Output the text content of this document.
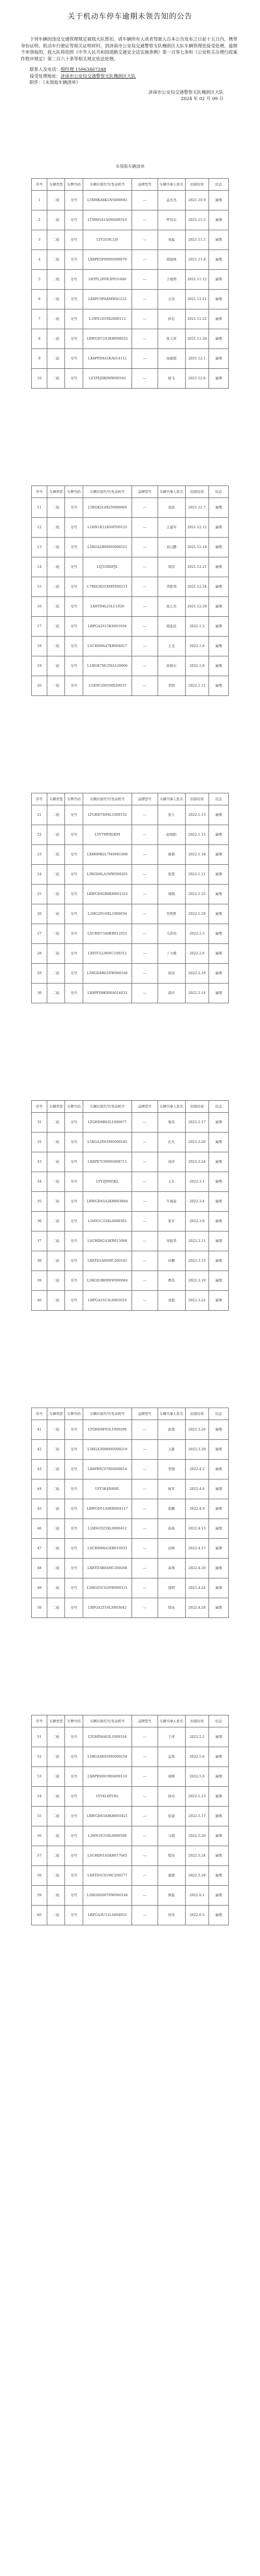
关于机动车停车逾期未领告知的公告

下列车辆因违反交通管理规定被我大队暂扣，请车辆所有人或者驾驶人自本公告发布之日起十五日内，携带身份证明、机动车行驶证等相关证明材料，到济南市公安局交通警察支队槐荫区大队车辆管理处接受处理。逾期不来领取的，我大队将依照《中华人民共和国道路交通安全法实施条例》第一百零七条和《公安机关办理行政案件程序规定》第二百六十条等相关规定依法处理。

联系人及电话：殷经理 15963467288
接受处理地址：济南市公安局交通警察支队槐荫区大队
附件：《未领取车辆清单》
济南市公安局交通警察支队槐荫区大队
2024 年 02 月 09 日
未领取车辆清单
序号	车辆类型	车牌号码	车辆识别代号/发动机号	品牌型号	车辆当事人姓名	扣留时间	状态
1	二轮	无号	L5RMKA8K1NS000081	—	孟庆杰	2021.10.9	逾期
2	二轮	无号	LTMM5A1A0MA00316	—	罗伟东	2021.11.3	逾期
3	二轮	无号	LYY2G9L1JS	—	刘淼	2021.11.5	逾期
4	二轮	无号	LX8PE5F00MS000079	—	邢德林	2021.11.8	逾期
5	二轮	无号	LRTPL2F0X3P031046	—	于晓明	2021.11.12	逾期
6	二轮	无号	LX8PC0PAXMW01233	—	王伟	2021.11.21	逾期
7	二轮	无号	L1HN1D10X2000112	—	孙宏	2021.11.22	逾期
8	二轮	无号	LRWGD72A5KH008032	—	张天祥	2021.11.28	逾期
9	二轮	无号	LX8PFD8A1KA014112	—	高德超	2021.12.1	逾期
10	二轮	无号	LZ1PEJ0X9MW00342	—	杨飞	2021.12.6	逾期
序号	车辆类型	车牌号码	车辆识别代号/发动机号	品牌型号	车辆当事人姓名	扣留时间	状态
11	二轮	无号	L5RGK2L0X2N000064	—	刘波	2021.12.7	逾期
12	二轮	无号	L1HN1E12XN0T00125	—	王建军	2021.12.12	逾期
13	二轮	无号	L5RGA2B09MS008521	—	刘元鹏	2021.12.18	逾期
14	二轮	无号	LYJ1GB4PJL	—	周伟	2021.12.21	逾期
15	二轮	无号	L7RH1B2GXMF000211	—	李胜利	2021.12.24	逾期
16	二轮	无号	LX8TD4L25LC1026	—	张士杰	2021.12.29	逾期
17	二轮	无号	LRPGA2S15KS001034	—	胡连民	2022.1.2	逾期
18	二轮	无号	LSCHD96A7KB004017	—	王龙	2022.1.6	逾期
19	二轮	无号	L1HGK7H12NA120066	—	孙晓东	2022.1.8	逾期
20	二轮	无号	LGE9C2005MX20033	—	李明	2022.1.11	逾期
序号	车辆类型	车牌号码	车辆识别代号/发动机号	品牌型号	车辆当事人姓名	扣留时间	状态
21	二轮	无号	LTGHD7D04L1000132	—	张立	2022.1.13	逾期
22	二轮	无号	LYY7MFB2KM	—	赵晓阳	2022.1.15	逾期
23	二轮	无号	LX8RMB2L7MS001008	—	陈朝	2022.1.18	逾期
24	二轮	无号	L5RGD8LA5MW000201	—	张凯	2022.1.21	逾期
25	二轮	无号	LRWGD92B8KH001522	—	周刚	2022.1.25	逾期
26	二轮	无号	L1HG2N16XL1000034	—	吴明哲	2022.1.29	逾期
27	二轮	无号	LSCHD73A9KB012021	—	马洪伟	2022.2.3	逾期
28	二轮	无号	LX8TCLL06NC100312	—	丁文斌	2022.2.6	逾期
29	二轮	无号	L5RGD4B01NW000166	—	徐伟	2022.2.10	逾期
30	二轮	无号	LX8PFD8K8MA014033	—	郭庆	2022.2.14	逾期
序号	车辆类型	车牌号码	车辆识别代号/发动机号	品牌型号	车辆当事人姓名	扣留时间	状态
31	二轮	无号	LTGHD8B02L1000077	—	梁伟	2022.2.17	逾期
32	二轮	无号	L5RGA2D03MS000182	—	孔凡	2022.2.20	逾期
33	二轮	无号	LX8PE7C00MS008711	—	刘洋	2022.2.24	逾期
34	二轮	无号	LYY2J8M5KL	—	王东	2022.3.1	逾期
35	二轮	无号	LRWGD45A2KH003004	—	牛海波	2022.3.4	逾期
36	二轮	无号	L1HN1C22XL0000301	—	张平	2022.3.8	逾期
37	二轮	无号	LSCHD82A3KB015008	—	宋振华	2022.3.11	逾期
38	二轮	无号	LX8TD2A06MC200145	—	杜鹏	2022.3.15	逾期
39	二轮	无号	L5RGD3B09NW000084	—	曹伟	2022.3.19	逾期
40	二轮	无号	LRPGA1S13LS002019	—	刘强	2022.3.22	逾期
序号	车辆类型	车牌号码	车辆识别代号/发动机号	品牌型号	车辆当事人姓名	扣留时间	状态
41	二轮	无号	LTGHD6F05L1000290	—	赵勇	2022.3.26	逾期
42	二轮	无号	L5RGA3D08MS000219	—	王新	2022.3.29	逾期
43	二轮	无号	LX8PE8C07MS009014	—	李刚	2022.4.2	逾期
44	二轮	无号	LYY3K4N8ML	—	杨军	2022.4.6	逾期
45	二轮	无号	LRWGD51A6KH004117	—	张鹏	2022.4.9	逾期
46	二轮	无号	L1HN1D25XL0000412	—	孙磊	2022.4.13	逾期
47	二轮	无号	LSCHD88A1KB016033	—	田锋	2022.4.17	逾期
48	二轮	无号	LX8TD3B04MC200208	—	高翔	2022.4.20	逾期
49	二轮	无号	L5RGD5C02NW000121	—	邵明	2022.4.24	逾期
50	二轮	无号	LRPGA2T16LS003042	—	韩冰	2022.4.28	逾期
序号	车辆类型	车牌号码	车辆识别代号/发动机号	品牌型号	车辆当事人姓名	扣留时间	状态
51	二轮	无号	LTGHD9A03L1000318	—	于洋	2022.5.2	逾期
52	二轮	无号	L5RGA4E05MS000254	—	孟凯	2022.5.6	逾期
53	二轮	无号	LX8PE9D03MS009110	—	周辉	2022.5.9	逾期
54	二轮	无号	LYY4L6P2NL	—	徐亮	2022.5.13	逾期
55	二轮	无号	LRWGD63A9KH005021	—	崔建	2022.5.17	逾期
56	二轮	无号	L1HN1E31XL0000508	—	马超	2022.5.20	逾期
57	二轮	无号	LSCHD91A5KB017045	—	程伟	2022.5.24	逾期
58	二轮	无号	LX8TD5C01MC200277	—	董斌	2022.5.28	逾期
59	二轮	无号	L5RGD6D07NW000146	—	鲁强	2022.6.1	逾期
60	二轮	无号	LRPGA3U11LS004055	—	何伟	2022.6.5	逾期
